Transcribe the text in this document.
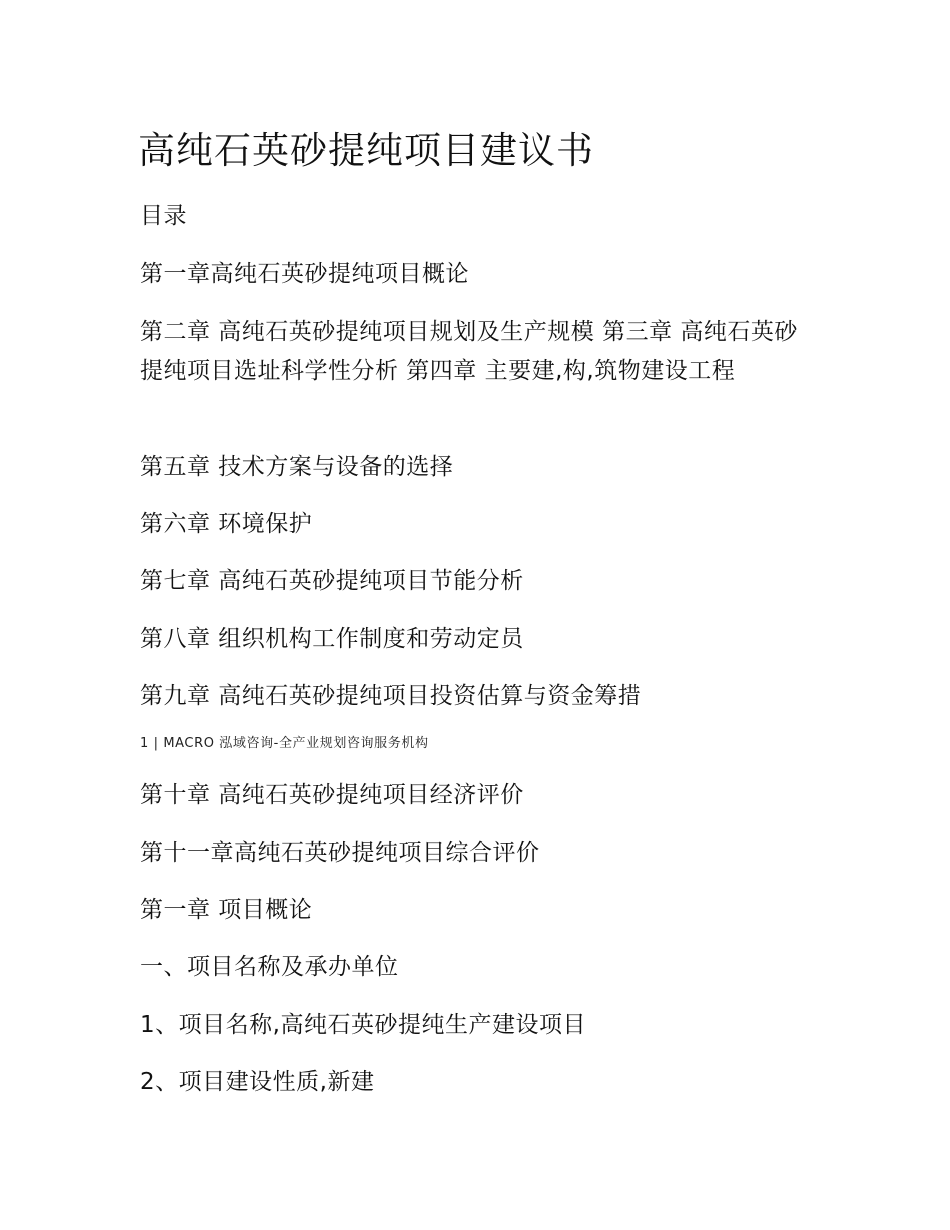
高纯石英砂提纯项目建议书
目录
第一章高纯石英砂提纯项目概论
第二章 高纯石英砂提纯项目规划及生产规模 第三章 高纯石英砂提纯项目选址科学性分析 第四章 主要建,构,筑物建设工程
第五章 技术方案与设备的选择
第六章 环境保护
第七章 高纯石英砂提纯项目节能分析
第八章 组织机构工作制度和劳动定员
第九章 高纯石英砂提纯项目投资估算与资金筹措
1 | MACRO 泓域咨询-全产业规划咨询服务机构
第十章 高纯石英砂提纯项目经济评价
第十一章高纯石英砂提纯项目综合评价
第一章 项目概论
一、项目名称及承办单位
1、项目名称,高纯石英砂提纯生产建设项目
2、项目建设性质,新建
